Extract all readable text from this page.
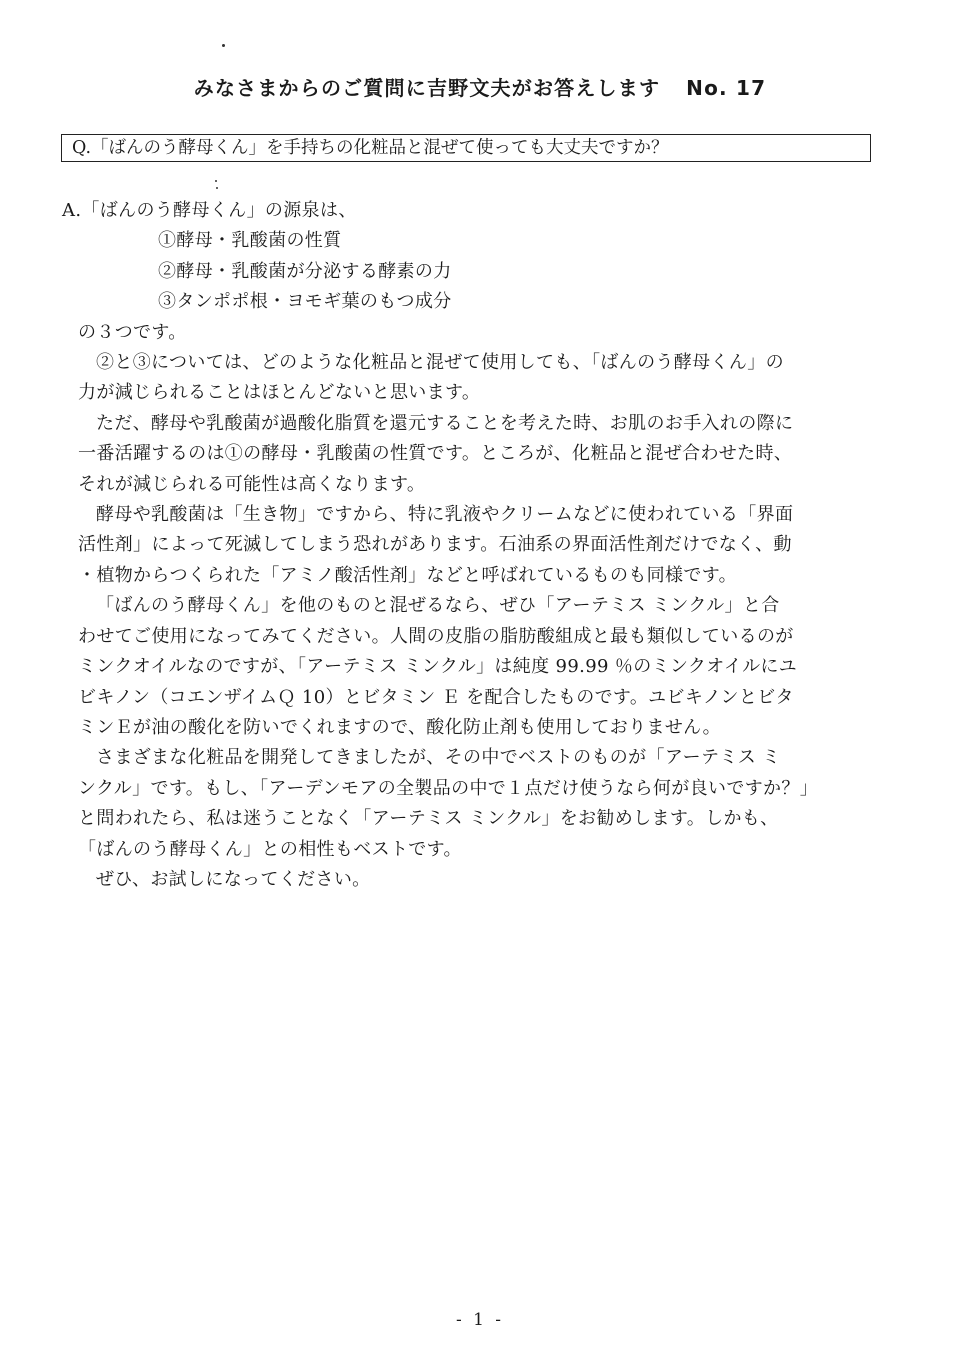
みなさまからのご質問に吉野文夫がお答えします No. 17
Q.「ばんのう酵母くん」を手持ちの化粧品と混ぜて使っても大丈夫ですか？
A.「ばんのう酵母くん」の源泉は、
①酵母・乳酸菌の性質
②酵母・乳酸菌が分泌する酵素の力
③タンポポ根・ヨモギ葉のもつ成分
の３つです。
②と③については、どのような化粧品と混ぜて使用しても、「ばんのう酵母くん」の
力が減じられることはほとんどないと思います。
ただ、酵母や乳酸菌が過酸化脂質を還元することを考えた時、お肌のお手入れの際に
一番活躍するのは①の酵母・乳酸菌の性質です。ところが、化粧品と混ぜ合わせた時、
それが減じられる可能性は高くなります。
酵母や乳酸菌は「生き物」ですから、特に乳液やクリームなどに使われている「界面
活性剤」によって死滅してしまう恐れがあります。石油系の界面活性剤だけでなく、動
・植物からつくられた「アミノ酸活性剤」などと呼ばれているものも同様です。
「ばんのう酵母くん」を他のものと混ぜるなら、ぜひ「アーテミス ミンクル」と合
わせてご使用になってみてください。人間の皮脂の脂肪酸組成と最も類似しているのが
ミンクオイルなのですが、「アーテミス ミンクル」は純度 99.99 ％のミンクオイルにユ
ビキノン（コエンザイムＱ 10）とビタミン Ｅ を配合したものです。ユビキノンとビタ
ミンＥが油の酸化を防いでくれますので、酸化防止剤も使用しておりません。
さまざまな化粧品を開発してきましたが、その中でベストのものが「アーテミス ミ
ンクル」です。もし、「アーデンモアの全製品の中で１点だけ使うなら何が良いですか？」
と問われたら、私は迷うことなく「アーテミス ミンクル」をお勧めします。しかも、
「ばんのう酵母くん」との相性もベストです。
ぜひ、お試しになってください。
- 1 -
